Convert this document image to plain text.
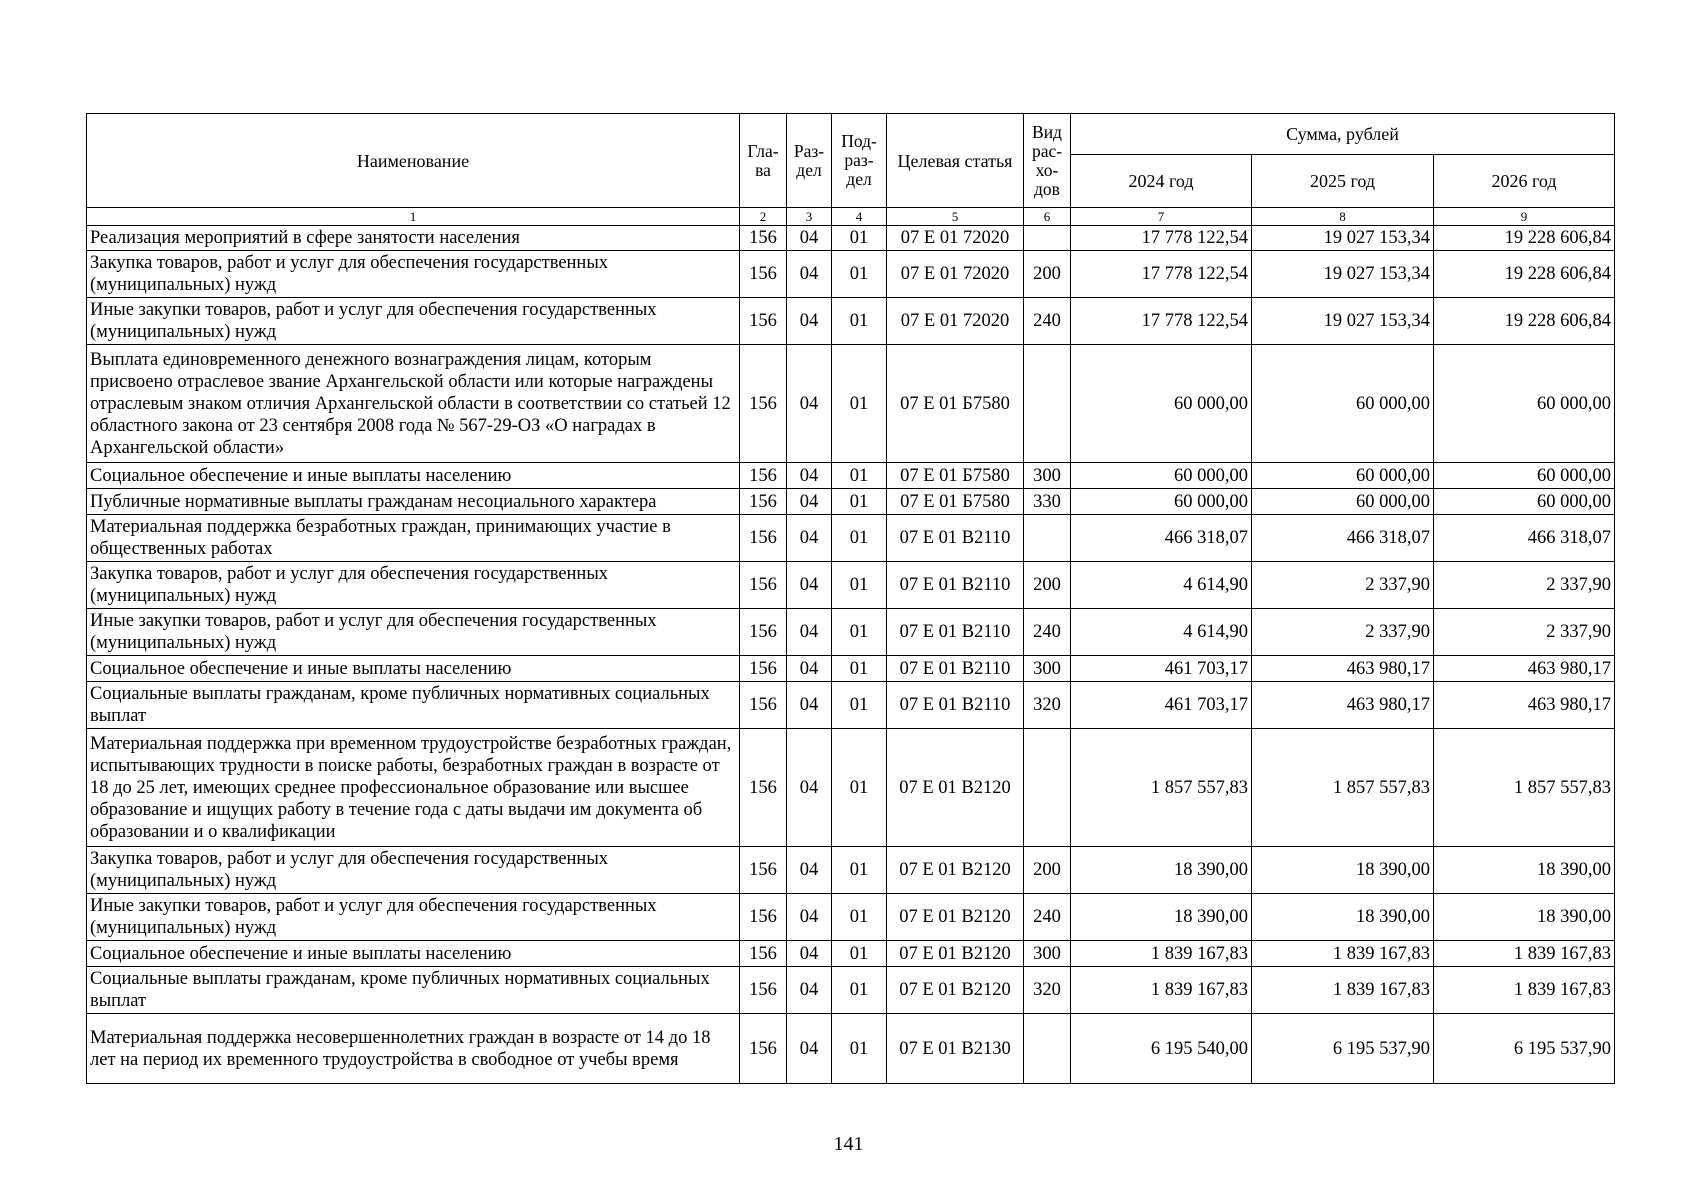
Наименование	Гла-ва	Раз-дел	Под-раз-дел	Целевая статья	Вид рас-хо-дов	Сумма, рублей		
						2024 год	2025 год	2026 год
1	2	3	4	5	6	7	8	9
Реализация мероприятий в сфере занятости населения	156	04	01	07 Е 01 72020		17 778 122,54	19 027 153,34	19 228 606,84
Закупка товаров, работ и услуг для обеспечения государственных (муниципальных) нужд	156	04	01	07 Е 01 72020	200	17 778 122,54	19 027 153,34	19 228 606,84
Иные закупки товаров, работ и услуг для обеспечения государственных (муниципальных) нужд	156	04	01	07 Е 01 72020	240	17 778 122,54	19 027 153,34	19 228 606,84
Выплата единовременного денежного вознаграждения лицам, которым присвоено отраслевое звание Архангельской области или которые награждены отраслевым знаком отличия Архангельской области в соответствии со статьей 12 областного закона от 23 сентября 2008 года № 567-29-ОЗ «О наградах в Архангельской области»	156	04	01	07 Е 01 Б7580		60 000,00	60 000,00	60 000,00
Социальное обеспечение и иные выплаты населению	156	04	01	07 Е 01 Б7580	300	60 000,00	60 000,00	60 000,00
Публичные нормативные выплаты гражданам несоциального характера	156	04	01	07 Е 01 Б7580	330	60 000,00	60 000,00	60 000,00
Материальная поддержка безработных граждан, принимающих участие в общественных работах	156	04	01	07 Е 01 В2110		466 318,07	466 318,07	466 318,07
Закупка товаров, работ и услуг для обеспечения государственных (муниципальных) нужд	156	04	01	07 Е 01 В2110	200	4 614,90	2 337,90	2 337,90
Иные закупки товаров, работ и услуг для обеспечения государственных (муниципальных) нужд	156	04	01	07 Е 01 В2110	240	4 614,90	2 337,90	2 337,90
Социальное обеспечение и иные выплаты населению	156	04	01	07 Е 01 В2110	300	461 703,17	463 980,17	463 980,17
Социальные выплаты гражданам, кроме публичных нормативных социальных выплат	156	04	01	07 Е 01 В2110	320	461 703,17	463 980,17	463 980,17
Материальная поддержка при временном трудоустройстве безработных граждан, испытывающих трудности в поиске работы, безработных граждан в возрасте от 18 до 25 лет, имеющих среднее профессиональное образование или высшее образование и ищущих работу в течение года с даты выдачи им документа об образовании и о квалификации	156	04	01	07 Е 01 В2120		1 857 557,83	1 857 557,83	1 857 557,83
Закупка товаров, работ и услуг для обеспечения государственных (муниципальных) нужд	156	04	01	07 Е 01 В2120	200	18 390,00	18 390,00	18 390,00
Иные закупки товаров, работ и услуг для обеспечения государственных (муниципальных) нужд	156	04	01	07 Е 01 В2120	240	18 390,00	18 390,00	18 390,00
Социальное обеспечение и иные выплаты населению	156	04	01	07 Е 01 В2120	300	1 839 167,83	1 839 167,83	1 839 167,83
Социальные выплаты гражданам, кроме публичных нормативных социальных выплат	156	04	01	07 Е 01 В2120	320	1 839 167,83	1 839 167,83	1 839 167,83
Материальная поддержка несовершеннолетних граждан в возрасте от 14 до 18 лет на период их временного трудоустройства в свободное от учебы время	156	04	01	07 Е 01 В2130		6 195 540,00	6 195 537,90	6 195 537,90
141
